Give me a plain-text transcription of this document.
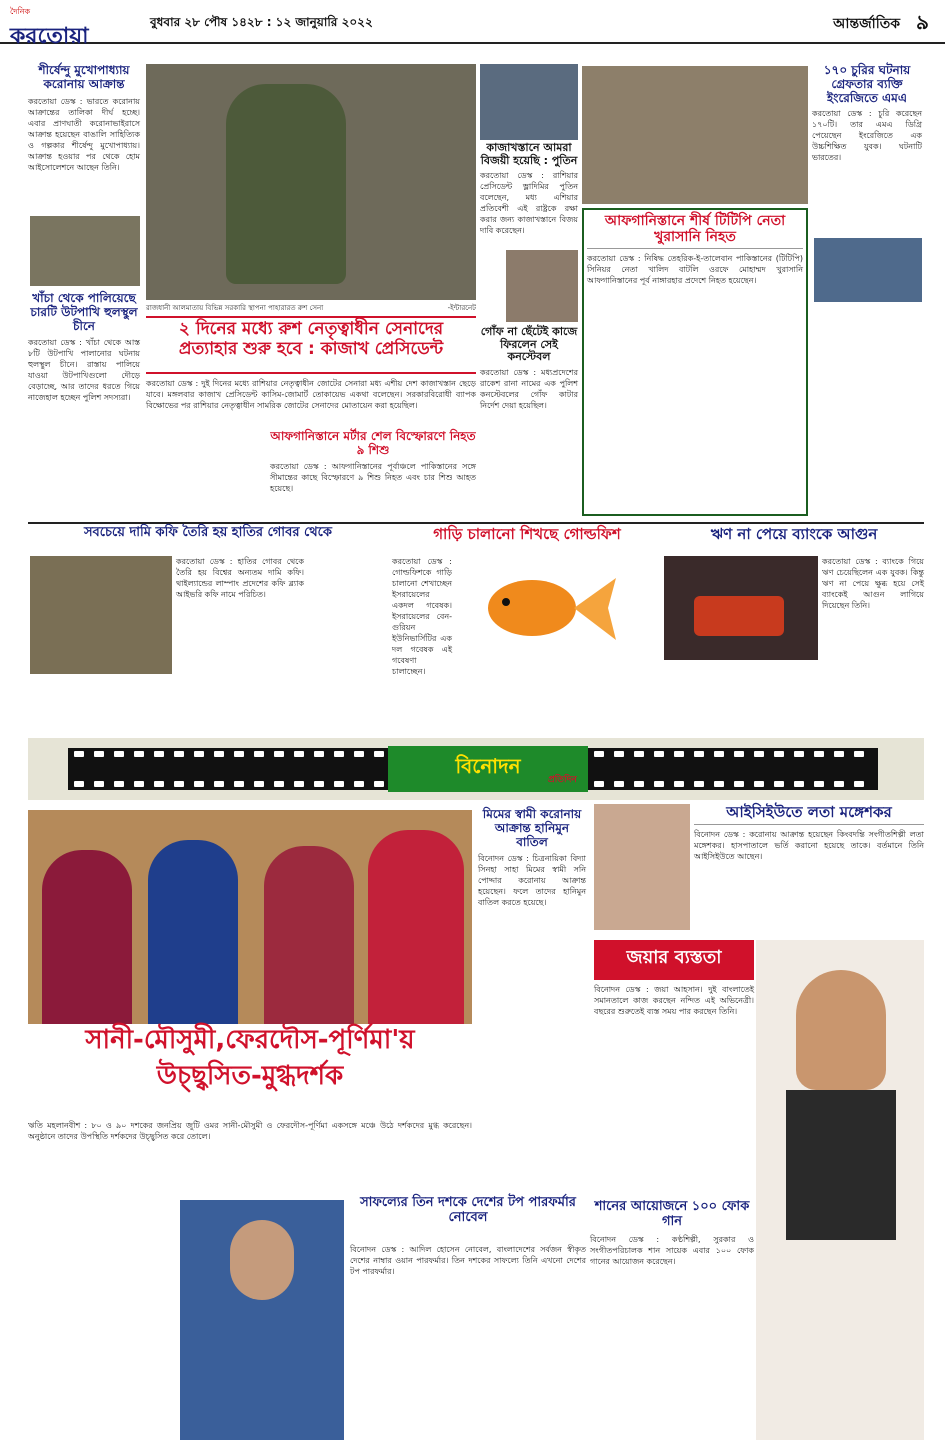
দৈনিক
করতোয়া
বুধবার ২৮ পৌষ ১৪২৮ : ১২ জানুয়ারি ২০২২	আন্তর্জাতিক ৯
শীর্ষেন্দু মুখোপাধ্যায় করোনায় আক্রান্ত
করতোয়া ডেস্ক : ভারতে করোনায় আক্রান্তের তালিকা দীর্ঘ হচ্ছে। এবার প্রাণঘাতী করোনাভাইরাসে আক্রান্ত হয়েছেন বাঙালি সাহিত্যিক ও গল্পকার শীর্ষেন্দু মুখোপাধ্যায়। আক্রান্ত হওয়ার পর থেকে হোম আইসোলেশনে আছেন তিনি।
খাঁচা থেকে পালিয়েছে চারটি উটপাখি হুলস্থুল চীনে
করতোয়া ডেস্ক : খাঁচা থেকে আস্ত ৮টি উটপাখি পালানোর ঘটনায় হুলস্থুল চীনে। রাস্তায় পালিয়ে যাওয়া উটপাখিগুলো দৌড়ে বেড়াচ্ছে, আর তাদের ধরতে গিয়ে নাজেহাল হচ্ছেন পুলিশ সদস্যরা।
রাজধানী আলমাতায় বিভিন্ন সরকারি স্থাপনা পাহারারত রুশ সেনা	-ইন্টারনেট
২ দিনের মধ্যে রুশ নেতৃত্বাধীন সেনাদের প্রত্যাহার শুরু হবে : কাজাখ প্রেসিডেন্ট
করতোয়া ডেস্ক : দুই দিনের মধ্যে রাশিয়ার নেতৃত্বাধীন জোটের সেনারা মধ্য এশীয় দেশ কাজাখস্তান ছেড়ে যাবে। মঙ্গলবার কাজাখ প্রেসিডেন্ট কাসিম-জোমার্ট তোকায়েভ একথা বলেছেন। সরকারবিরোধী ব্যাপক বিক্ষোভের পর রাশিয়ার নেতৃত্বাধীন সামরিক জোটের সেনাদের মোতায়েন করা হয়েছিল।
আফগানিস্তানে মর্টার শেল বিস্ফোরণে নিহত ৯ শিশু
করতোয়া ডেস্ক : আফগানিস্তানের পূর্বাঞ্চলে পাকিস্তানের সঙ্গে সীমান্তের কাছে বিস্ফোরণে ৯ শিশু নিহত এবং চার শিশু আহত হয়েছে।
কাজাখস্তানে আমরা বিজয়ী হয়েছি : পুতিন
করতোয়া ডেস্ক : রাশিয়ার প্রেসিডেন্ট ভ্লাদিমির পুতিন বলেছেন, মধ্য এশিয়ার প্রতিবেশী এই রাষ্ট্রকে রক্ষা করার জন্য কাজাখস্তানে বিজয় দাবি করেছেন।
গোঁফ না ছেঁটেই কাজে ফিরলেন সেই কনস্টেবল
করতোয়া ডেস্ক : মধ্যপ্রদেশের রাকেশ রানা নামের এক পুলিশ কনস্টেবলের গোঁফ কাটার নির্দেশ দেয়া হয়েছিল।
আফগানিস্তানে শীর্ষ টিটিপি নেতা খুরাসানি নিহত
করতোয়া ডেস্ক : নিষিদ্ধ তেহরিক-ই-তালেবান পাকিস্তানের (টিটিপি) সিনিয়র নেতা খালিদ বাটলি ওরফে মোহাম্মদ খুরাসানি আফগানিস্তানের পূর্ব নাঙ্গারহার প্রদেশে নিহত হয়েছেন।
১৭০ চুরির ঘটনায় গ্রেফতার ব্যক্তি ইংরেজিতে এমএ
করতোয়া ডেস্ক : চুরি করেছেন ১৭০টি। তার এমএ ডিগ্রি পেয়েছেন ইংরেজিতে এক উচ্চশিক্ষিত যুবক। ঘটনাটি ভারতের।
সবচেয়ে দামি কফি তৈরি হয় হাতির গোবর থেকে
করতোয়া ডেস্ক : হাতির গোবর থেকে তৈরি হয় বিশ্বের অন্যতম দামি কফি। থাইল্যান্ডের লাম্পাং প্রদেশের কফি ব্ল্যাক আইভরি কফি নামে পরিচিত।
গাড়ি চালানো শিখছে গোল্ডফিশ
করতোয়া ডেস্ক : গোল্ডফিশকে গাড়ি চালানো শেখাচ্ছেন ইসরায়েলের একদল গবেষক। ইসরায়েলের বেন-গুরিয়ন ইউনিভার্সিটির এক দল গবেষক এই গবেষণা চালাচ্ছেন।
ঋণ না পেয়ে ব্যাংকে আগুন
করতোয়া ডেস্ক : ব্যাংকে গিয়ে ঋণ চেয়েছিলেন এক যুবক। কিন্তু ঋণ না পেয়ে ক্ষুব্ধ হয়ে সেই ব্যাংকেই আগুন লাগিয়ে দিয়েছেন তিনি।
বিনোদন
প্রতিদিন
সানী-মৌসুমী,ফেরদৌস-পূর্ণিমা'য়
উচ্ছ্বসিত-মুগ্ধদর্শক
ঋতি মহলানবীশ : ৮০ ও ৯০ দশকের জনপ্রিয় জুটি ওমর সানী-মৌসুমী ও ফেরদৌস-পূর্ণিমা একসঙ্গে মঞ্চে উঠে দর্শকদের মুগ্ধ করেছেন। অনুষ্ঠানে তাদের উপস্থিতি দর্শকদের উচ্ছ্বসিত করে তোলে।
মিমের স্বামী করোনায় আক্রান্ত হানিমুন বাতিল
বিনোদন ডেস্ক : চিত্রনায়িকা বিদ্যা সিনহা সাহা মিমের স্বামী সনি পোদ্দার করোনায় আক্রান্ত হয়েছেন। ফলে তাদের হানিমুন বাতিল করতে হয়েছে।
আইসিইউতে লতা মঙ্গেশকর
বিনোদন ডেস্ক : করোনায় আক্রান্ত হয়েছেন কিংবদন্তি সংগীতশিল্পী লতা মঙ্গেশকর। হাসপাতালে ভর্তি করানো হয়েছে তাকে। বর্তমানে তিনি আইসিইউতে আছেন।
জয়ার ব্যস্ততা
বিনোদন ডেস্ক : জয়া আহসান। দুই বাংলাতেই সমানতালে কাজ করছেন নন্দিত এই অভিনেত্রী। বছরের শুরুতেই ব্যস্ত সময় পার করছেন তিনি।
সাফল্যের তিন দশকে দেশের টপ পারফর্মার নোবেল
বিনোদন ডেস্ক : আদিল হোসেন নোবেল, বাংলাদেশের সর্বজন স্বীকৃত দেশের নাম্বার ওয়ান পারফর্মার। তিন দশকের সাফল্যে তিনি এখনো দেশের টপ পারফর্মার।
শানের আয়োজনে ১০০ ফোক গান
বিনোদন ডেস্ক : কণ্ঠশিল্পী, সুরকার ও সংগীতপরিচালক শান সায়েক এবার ১০০ ফোক গানের আয়োজন করেছেন।
